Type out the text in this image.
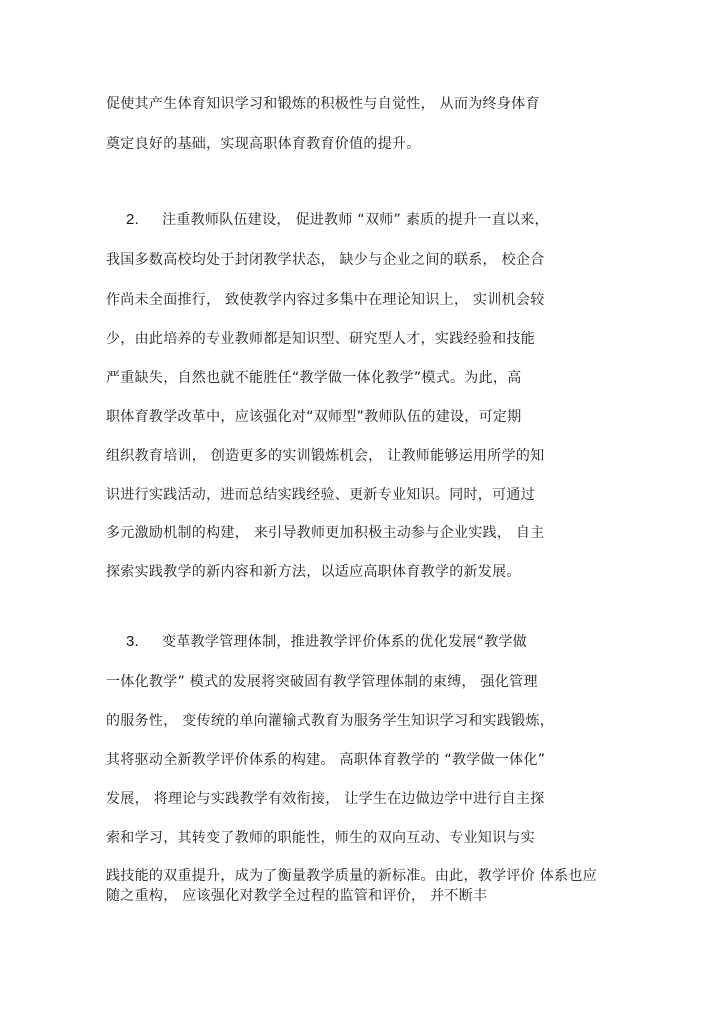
促使其产生体育知识学习和锻炼的积极性与自觉性， 从而为终身体育
奠定良好的基础，实现高职体育教育价值的提升。
2. 注重教师队伍建设， 促进教师 “双师” 素质的提升一直以来，
我国多数高校均处于封闭教学状态， 缺少与企业之间的联系， 校企合
作尚未全面推行， 致使教学内容过多集中在理论知识上， 实训机会较
少，由此培养的专业教师都是知识型、研究型人才，实践经验和技能
严重缺失，自然也就不能胜任“教学做一体化教学”模式。为此，高
职体育教学改革中，应该强化对“双师型”教师队伍的建设，可定期
组织教育培训， 创造更多的实训锻炼机会， 让教师能够运用所学的知
识进行实践活动，进而总结实践经验、更新专业知识。同时，可通过
多元激励机制的构建， 来引导教师更加积极主动参与企业实践， 自主
探索实践教学的新内容和新方法，以适应高职体育教学的新发展。
3. 变革教学管理体制，推进教学评价体系的优化发展“教学做
一体化教学” 模式的发展将突破固有教学管理体制的束缚， 强化管理
的服务性， 变传统的单向灌输式教育为服务学生知识学习和实践锻炼，
其将驱动全新教学评价体系的构建。 高职体育教学的 “教学做一体化”
发展， 将理论与实践教学有效衔接， 让学生在边做边学中进行自主探
索和学习，其转变了教师的职能性，师生的双向互动、专业知识与实
践技能的双重提升，成为了衡量教学质量的新标准。由此，教学评价 体系也应
随之重构， 应该强化对教学全过程的监管和评价， 并不断丰
